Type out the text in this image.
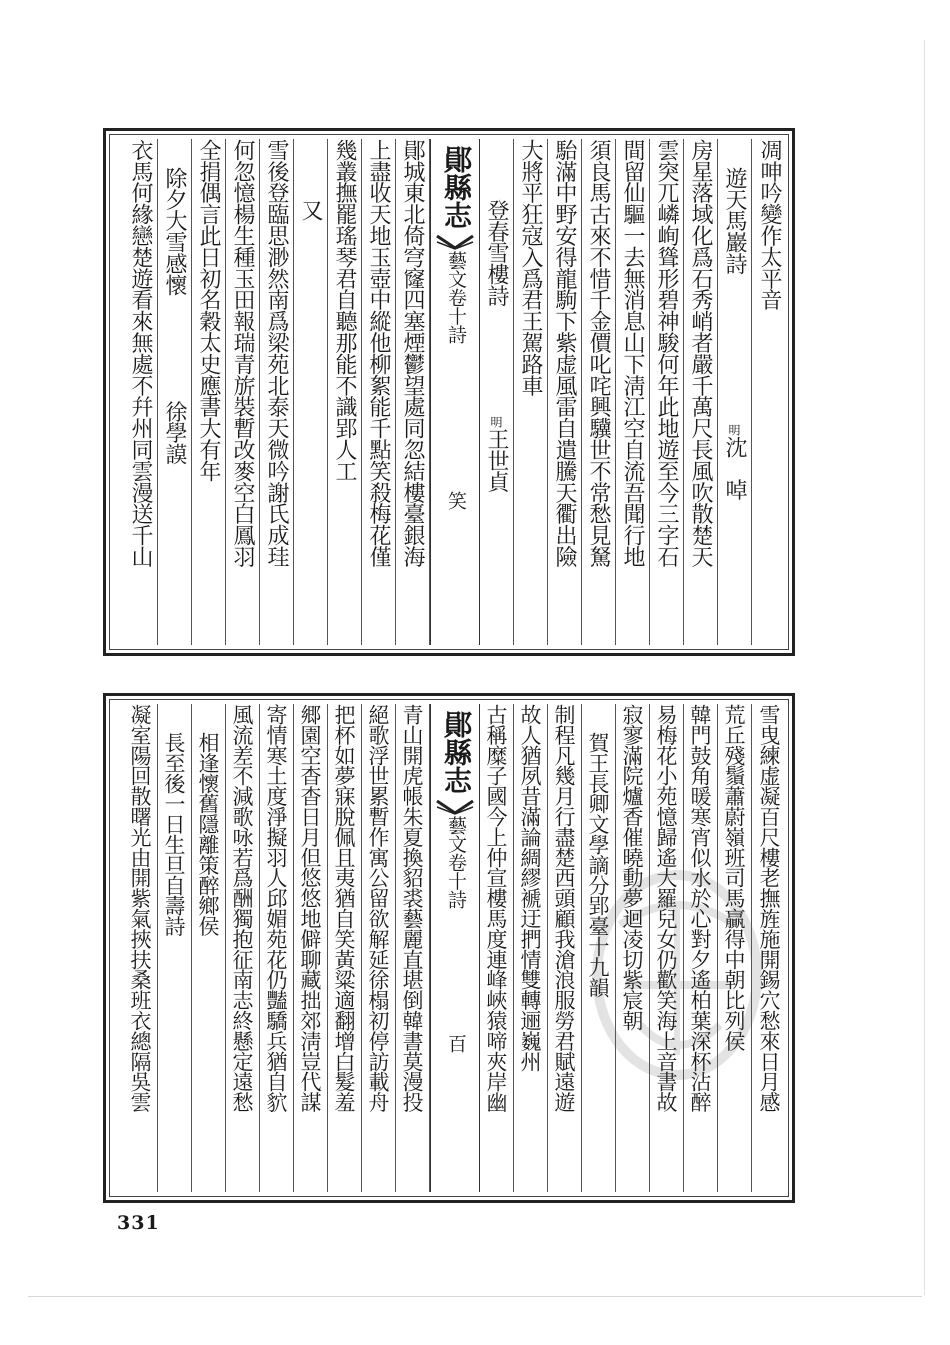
凋呻吟變作太平音
遊天馬巖詩明沈　啅
房星落域化爲石秀峭者嚴千萬尺長風吹散楚天
雲突兀嶙峋聳形碧神駿何年此地遊至今三字石
間留仙驅一去無消息山下淸江空自流吾聞行地
須良馬古來不惜千金價叱咤興驥世不常愁見駑
駘滿中野安得龍駒下紫虚風雷自遣騰天衢出險
大將平狂寇入爲君王駕路車
登春雪樓詩明王世貞
鄖縣志
藝文卷十詩
笑
鄖城東北倚穹窿四塞煙鬱望處同忽結樓臺銀海
上盡收天地玉壺中縱他柳絮能千點笑殺梅花僅
幾叢撫罷瑤琴君自聽那能不識郢人工
又
雪後登臨思渺然南爲梁苑北泰天微吟謝氏成珪
何忽憶楊生種玉田報瑞青旂裝暫改麥空白鳳羽
全捐偶言此日初名穀太史應書大有年
除夕大雪感懷徐學謨
衣馬何緣戀楚遊看來無處不幷州同雲漫送千山
雪曳練虚凝百尺樓老撫旌施開錫穴愁來日月感
荒丘殘鬚蕭蔚嶺班司馬贏得中朝比列侯
韓門鼓角暖寒宵似水於心對夕遙柏葉深杯沾醉
易梅花小苑憶歸遙大羅兒女仍歡笑海上音書故
寂寥滿院爐香催曉動夢迴凌切紫宸朝
賀王長卿文學謫分郢臺十九韻
制程凡幾月行盡楚西頭顧我滄浪服勞君賦遠遊
故人猶夙昔滿論綢繆褫迂捫情雙轉逦巍州
古稱糜子國今上仲宣樓馬度連峰峽猿啼夾岸幽
鄖縣志
藝文卷十詩
百
青山開虎帳朱夏換貂裘藝麗直堪倒韓書莫漫投
絕歌浮世累暫作寓公留欲解延徐榻初停訪載舟
把杯如夢寐脫佩且夷猶自笑黃粱適翻增白髮羞
郷園空杳杳日月但悠悠地僻聊藏拙郊淸豈代謀
寄情寒土度淨擬羽人邱媚苑花仍豔驕兵猶自貁
風流差不減歌咏若爲酬獨抱征南志終懸定遠愁
相逢懷舊隱離策醉鄉侯
長至後一日生旦自壽詩
凝室陽回散曙光由開紫氣挾扶桑班衣總隔吳雲
331
